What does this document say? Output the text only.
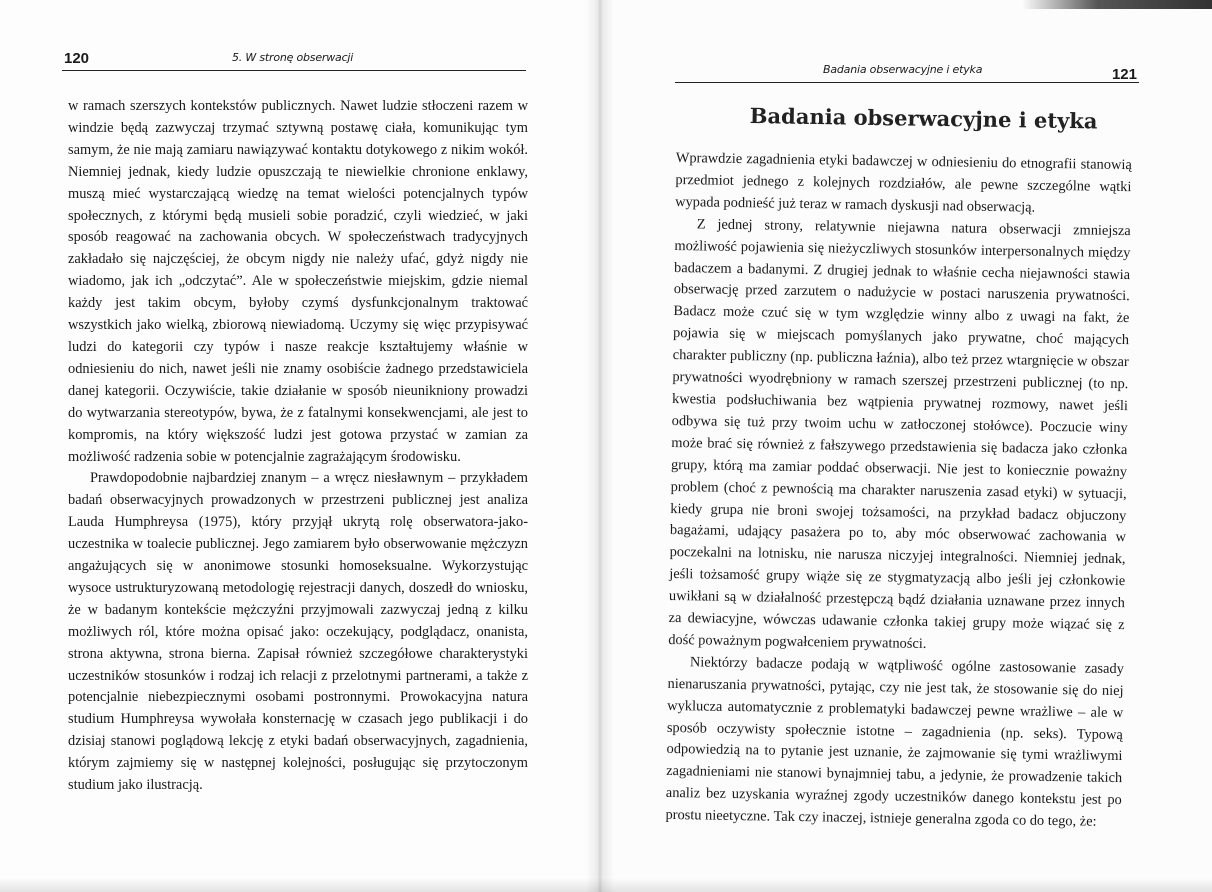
120	5. W stronę obserwacji

w ramach szerszych kontekstów publicznych. Nawet ludzie stłoczeni razem w windzie będą zazwyczaj trzymać sztywną postawę ciała, komunikując tym samym, że nie mają zamiaru nawiązywać kontaktu dotykowego z nikim wokół. Niemniej jednak, kiedy ludzie opuszczają te niewielkie chronione enklawy, muszą mieć wystarczającą wiedzę na temat wielości potencjalnych typów społecznych, z którymi będą musieli sobie poradzić, czyli wiedzieć, w jaki sposób reagować na zachowania obcych. W społeczeństwach tradycyjnych zakładało się najczęściej, że obcym nigdy nie należy ufać, gdyż nigdy nie wiadomo, jak ich „odczytać”. Ale w społeczeństwie miejskim, gdzie niemal każdy jest takim obcym, byłoby czymś dysfunkcjonalnym traktować wszystkich jako wielką, zbiorową niewiadomą. Uczymy się więc przypisywać ludzi do kategorii czy typów i nasze reakcje kształtujemy właśnie w odniesieniu do nich, nawet jeśli nie znamy osobiście żadnego przedstawiciela danej kategorii. Oczywiście, takie działanie w sposób nieunikniony prowadzi do wytwarzania stereotypów, bywa, że z fatalnymi konsekwencjami, ale jest to kompromis, na który większość ludzi jest gotowa przystać w zamian za możliwość radzenia sobie w potencjalnie zagrażającym środowisku.

Prawdopodobnie najbardziej znanym – a wręcz niesławnym – przykładem badań obserwacyjnych prowadzonych w przestrzeni publicznej jest analiza Lauda Humphreysa (1975), który przyjął ukrytą rolę obserwatora-jako-uczestnika w toalecie publicznej. Jego zamiarem było obserwowanie mężczyzn angażujących się w anonimowe stosunki homoseksualne. Wykorzystując wysoce ustrukturyzowaną metodologię rejestracji danych, doszedł do wniosku, że w badanym kontekście mężczyźni przyjmowali zazwyczaj jedną z kilku możliwych ról, które można opisać jako: oczekujący, podglądacz, onanista, strona aktywna, strona bierna. Zapisał również szczegółowe charakterystyki uczestników stosunków i rodzaj ich relacji z przelotnymi partnerami, a także z potencjalnie niebezpiecznymi osobami postronnymi. Prowokacyjna natura studium Humphreysa wywołała konsternację w czasach jego publikacji i do dzisiaj stanowi poglądową lekcję z etyki badań obserwacyjnych, zagadnienia, którym zajmiemy się w następnej kolejności, posługując się przytoczonym studium jako ilustracją.

Badania obserwacyjne i etyka	121
Badania obserwacyjne i etyka

Wprawdzie zagadnienia etyki badawczej w odniesieniu do etnografii stanowią przedmiot jednego z kolejnych rozdziałów, ale pewne szczególne wątki wypada podnieść już teraz w ramach dyskusji nad obserwacją.

Z jednej strony, relatywnie niejawna natura obserwacji zmniejsza możliwość pojawienia się nieżyczliwych stosunków interpersonalnych między badaczem a badanymi. Z drugiej jednak to właśnie cecha niejawności stawia obserwację przed zarzutem o nadużycie w postaci naruszenia prywatności. Badacz może czuć się w tym względzie winny albo z uwagi na fakt, że pojawia się w miejscach pomyślanych jako prywatne, choć mających charakter publiczny (np. publiczna łaźnia), albo też przez wtargnięcie w obszar prywatności wyodrębniony w ramach szerszej przestrzeni publicznej (to np. kwestia podsłuchiwania bez wątpienia prywatnej rozmowy, nawet jeśli odbywa się tuż przy twoim uchu w zatłoczonej stołówce). Poczucie winy może brać się również z fałszywego przedstawienia się badacza jako członka grupy, którą ma zamiar poddać obserwacji. Nie jest to koniecznie poważny problem (choć z pewnością ma charakter naruszenia zasad etyki) w sytuacji, kiedy grupa nie broni swojej tożsamości, na przykład badacz objuczony bagażami, udający pasażera po to, aby móc obserwować zachowania w poczekalni na lotnisku, nie narusza niczyjej integralności. Niemniej jednak, jeśli tożsamość grupy wiąże się ze stygmatyzacją albo jeśli jej członkowie uwikłani są w działalność przestępczą bądź działania uznawane przez innych za dewiacyjne, wówczas udawanie członka takiej grupy może wiązać się z dość poważnym pogwałceniem prywatności.

Niektórzy badacze podają w wątpliwość ogólne zastosowanie zasady nienaruszania prywatności, pytając, czy nie jest tak, że stosowanie się do niej wyklucza automatycznie z problematyki badawczej pewne wrażliwe – ale w sposób oczywisty społecznie istotne – zagadnienia (np. seks). Typową odpowiedzią na to pytanie jest uznanie, że zajmowanie się tymi wrażliwymi zagadnieniami nie stanowi bynajmniej tabu, a jedynie, że prowadzenie takich analiz bez uzyskania wyraźnej zgody uczestników danego kontekstu jest po prostu nieetyczne. Tak czy inaczej, istnieje generalna zgoda co do tego, że:
